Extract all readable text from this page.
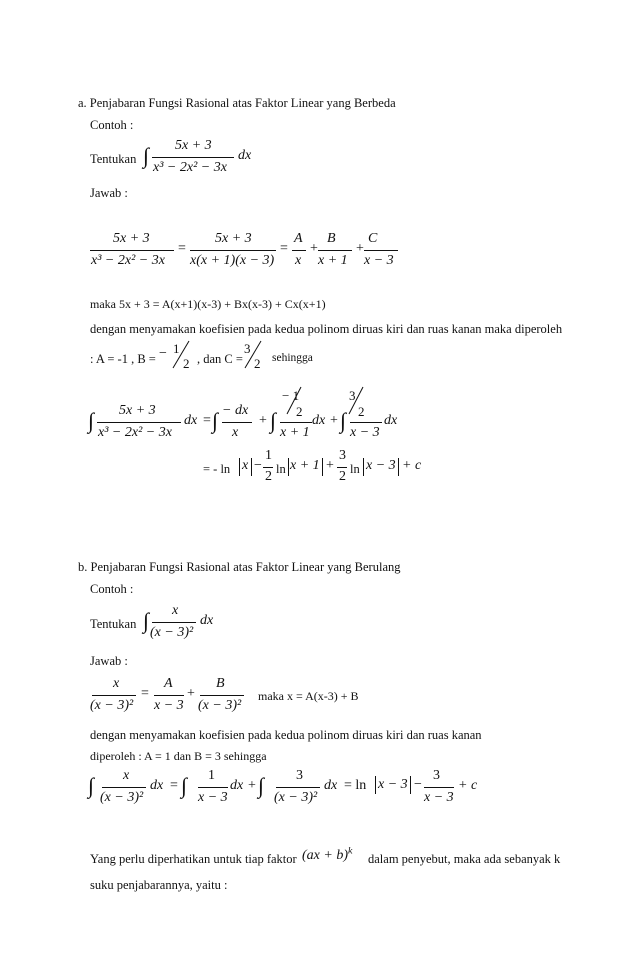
a. Penjabaran Fungsi Rasional atas Faktor Linear yang Berbeda
Contoh :
Tentukan ∫ 5x + 3
x³ − 2x² − 3x
dx
Jawab :
5x + 3
x³ − 2x² − 3x
=
5x + 3
x(x + 1)(x − 3)
=
A
x
+
B
x + 1
+
C
x − 3
maka 5x + 3 = A(x+1)(x-3) + Bx(x-3) + Cx(x+1)
dengan menyamakan koefisien pada kedua polinom diruas kiri dan ruas kanan maka diperoleh
: A = -1 , B = − 1
2 , dan C =
3
2 sehingga
∫ 5x + 3
x³ − 2x² − 3x
dx = ∫ − dx
x
+ ∫
− 1
2
x + 1
dx + ∫
3
2
x − 3
dx
= - ln x −
1
2 ln x + 1 +
3
2 ln x − 3 + c
b. Penjabaran Fungsi Rasional atas Faktor Linear yang Berulang
Contoh :
Tentukan ∫ x
(x − 3)²
dx
Jawab :
x
(x − 3)²
=
A
x − 3
+
B
(x − 3)²
maka x = A(x-3) + B
dengan menyamakan koefisien pada kedua polinom diruas kiri dan ruas kanan
diperoleh : A = 1 dan B = 3 sehingga
∫ x
(x − 3)²
dx = ∫ 1
x − 3
dx + ∫ 3
(x − 3)²
dx = ln x − 3 −
3
x − 3
+ c
Yang perlu diperhatikan untuk tiap faktor (ax + b)$^k$
dalam penyebut, maka ada sebanyak k
suku penjabarannya, yaitu :
